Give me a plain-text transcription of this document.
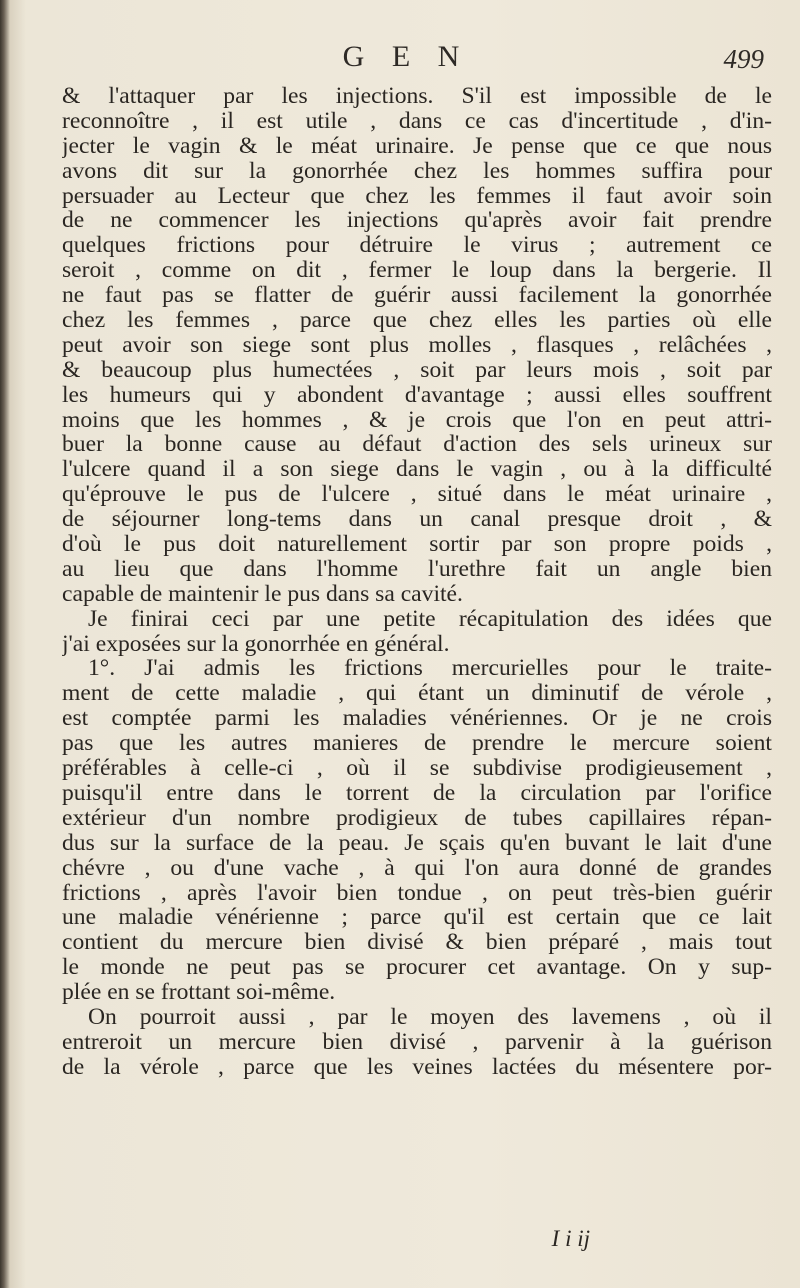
G E N	499
& l'attaquer par les injections. S'il est impossible de le
reconnoître , il est utile , dans ce cas d'incertitude , d'in-
jecter le vagin & le méat urinaire. Je pense que ce que nous
avons dit sur la gonorrhée chez les hommes suffira pour
persuader au Lecteur que chez les femmes il faut avoir soin
de ne commencer les injections qu'après avoir fait prendre
quelques frictions pour détruire le virus ; autrement ce
seroit , comme on dit , fermer le loup dans la bergerie. Il
ne faut pas se flatter de guérir aussi facilement la gonorrhée
chez les femmes , parce que chez elles les parties où elle
peut avoir son siege sont plus molles , flasques , relâchées ,
& beaucoup plus humectées , soit par leurs mois , soit par
les humeurs qui y abondent d'avantage ; aussi elles souffrent
moins que les hommes , & je crois que l'on en peut attri-
buer la bonne cause au défaut d'action des sels urineux sur
l'ulcere quand il a son siege dans le vagin , ou à la difficulté
qu'éprouve le pus de l'ulcere , situé dans le méat urinaire ,
de séjourner long-tems dans un canal presque droit , &
d'où le pus doit naturellement sortir par son propre poids ,
au lieu que dans l'homme l'urethre fait un angle bien
capable de maintenir le pus dans sa cavité.
Je finirai ceci par une petite récapitulation des idées que
j'ai exposées sur la gonorrhée en général.
1°. J'ai admis les frictions mercurielles pour le traite-
ment de cette maladie , qui étant un diminutif de vérole ,
est comptée parmi les maladies vénériennes. Or je ne crois
pas que les autres manieres de prendre le mercure soient
préférables à celle-ci , où il se subdivise prodigieusement ,
puisqu'il entre dans le torrent de la circulation par l'orifice
extérieur d'un nombre prodigieux de tubes capillaires répan-
dus sur la surface de la peau. Je sçais qu'en buvant le lait d'une
chévre , ou d'une vache , à qui l'on aura donné de grandes
frictions , après l'avoir bien tondue , on peut très-bien guérir
une maladie vénérienne ; parce qu'il est certain que ce lait
contient du mercure bien divisé & bien préparé , mais tout
le monde ne peut pas se procurer cet avantage. On y sup-
plée en se frottant soi-même.
On pourroit aussi , par le moyen des lavemens , où il
entreroit un mercure bien divisé , parvenir à la guérison
de la vérole , parce que les veines lactées du mésentere por-
I i ij
